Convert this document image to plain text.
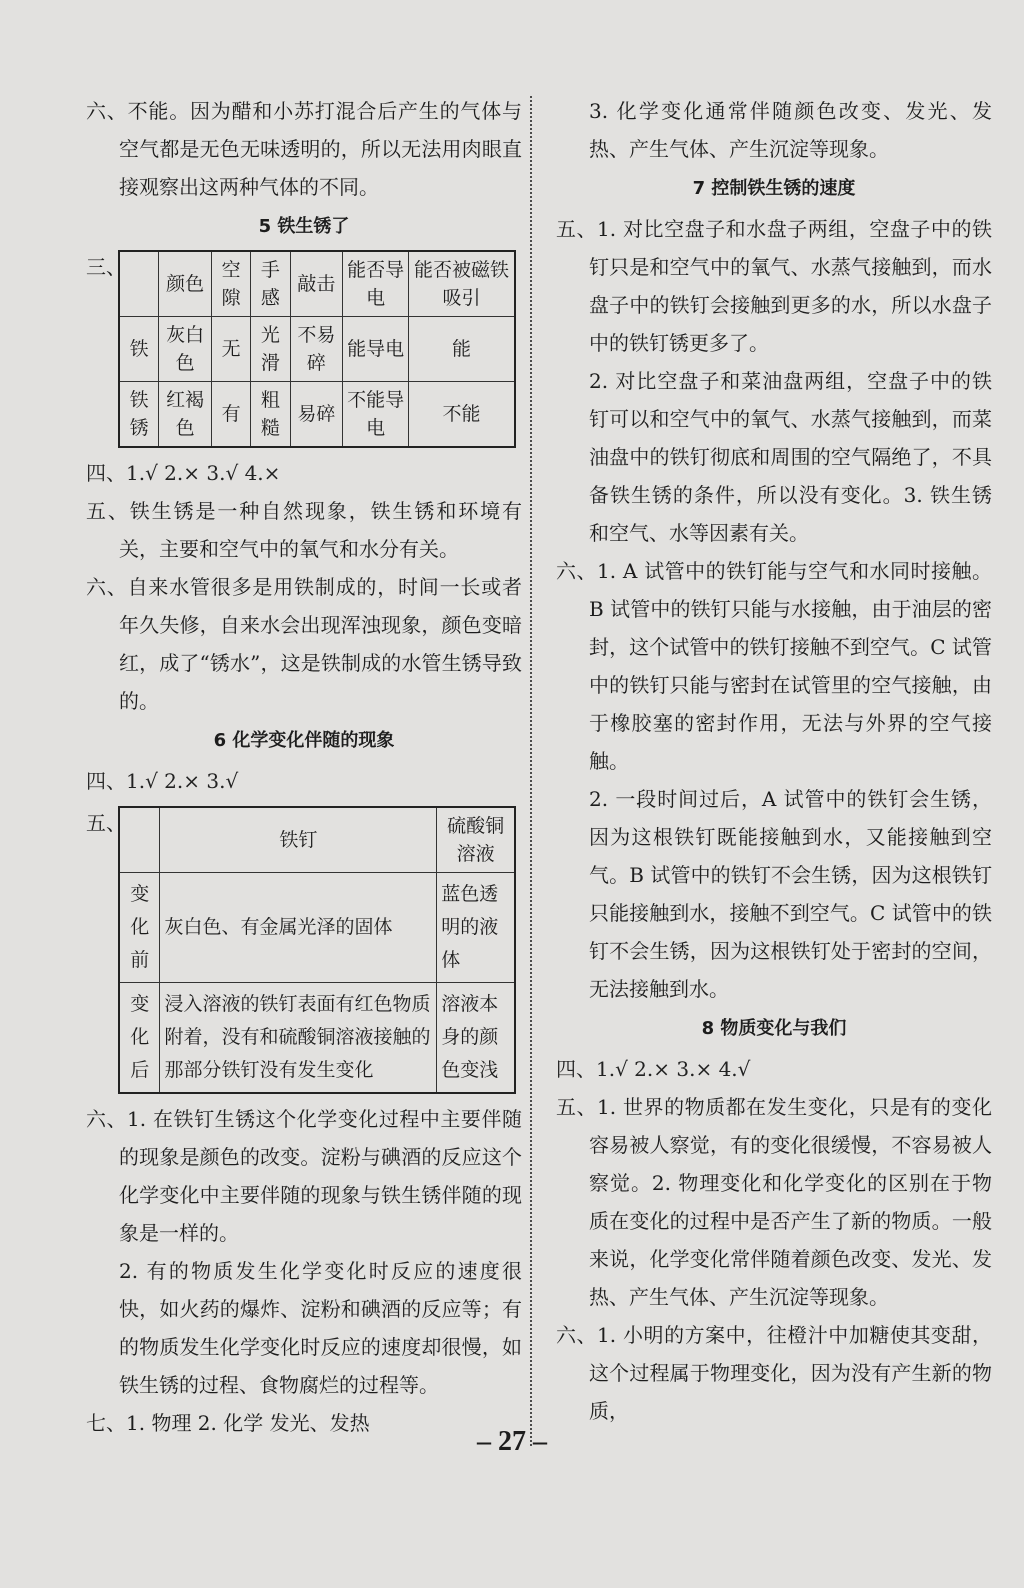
六、不能。因为醋和小苏打混合后产生的气体与空气都是无色无味透明的，所以无法用肉眼直接观察出这两种气体的不同。

5 铁生锈了
三、
	颜色	空隙	手感	敲击	能否导电	能否被磁铁吸引
铁	灰白色	无	光滑	不易碎	能导电	能
铁锈	红褐色	有	粗糙	易碎	不能导电	不能

四、1.√ 2.× 3.√ 4.×

五、铁生锈是一种自然现象，铁生锈和环境有关，主要和空气中的氧气和水分有关。

六、自来水管很多是用铁制成的，时间一长或者年久失修，自来水会出现浑浊现象，颜色变暗红，成了“锈水”，这是铁制成的水管生锈导致的。

6 化学变化伴随的现象

四、1.√ 2.× 3.√

五、
	铁钉	硫酸铜溶液
变化前	灰白色、有金属光泽的固体	蓝色透明的液体
变化后	浸入溶液的铁钉表面有红色物质附着，没有和硫酸铜溶液接触的那部分铁钉没有发生变化	溶液本身的颜色变浅

六、1. 在铁钉生锈这个化学变化过程中主要伴随的现象是颜色的改变。淀粉与碘酒的反应这个化学变化中主要伴随的现象与铁生锈伴随的现象是一样的。

2. 有的物质发生化学变化时反应的速度很快，如火药的爆炸、淀粉和碘酒的反应等；有的物质发生化学变化时反应的速度却很慢，如铁生锈的过程、食物腐烂的过程等。

七、1. 物理 2. 化学 发光、发热

3. 化学变化通常伴随颜色改变、发光、发热、产生气体、产生沉淀等现象。

7 控制铁生锈的速度

五、1. 对比空盘子和水盘子两组，空盘子中的铁钉只是和空气中的氧气、水蒸气接触到，而水盘子中的铁钉会接触到更多的水，所以水盘子中的铁钉锈更多了。

2. 对比空盘子和菜油盘两组，空盘子中的铁钉可以和空气中的氧气、水蒸气接触到，而菜油盘中的铁钉彻底和周围的空气隔绝了，不具备铁生锈的条件，所以没有变化。3. 铁生锈和空气、水等因素有关。

六、1. A 试管中的铁钉能与空气和水同时接触。B 试管中的铁钉只能与水接触，由于油层的密封，这个试管中的铁钉接触不到空气。C 试管中的铁钉只能与密封在试管里的空气接触，由于橡胶塞的密封作用，无法与外界的空气接触。

2. 一段时间过后，A 试管中的铁钉会生锈，因为这根铁钉既能接触到水，又能接触到空气。B 试管中的铁钉不会生锈，因为这根铁钉只能接触到水，接触不到空气。C 试管中的铁钉不会生锈，因为这根铁钉处于密封的空间，无法接触到水。

8 物质变化与我们

四、1.√ 2.× 3.× 4.√

五、1. 世界的物质都在发生变化，只是有的变化容易被人察觉，有的变化很缓慢，不容易被人察觉。2. 物理变化和化学变化的区别在于物质在变化的过程中是否产生了新的物质。一般来说，化学变化常伴随着颜色改变、发光、发热、产生气体、产生沉淀等现象。

六、1. 小明的方案中，往橙汁中加糖使其变甜，这个过程属于物理变化，因为没有产生新的物质，

– 27 –
